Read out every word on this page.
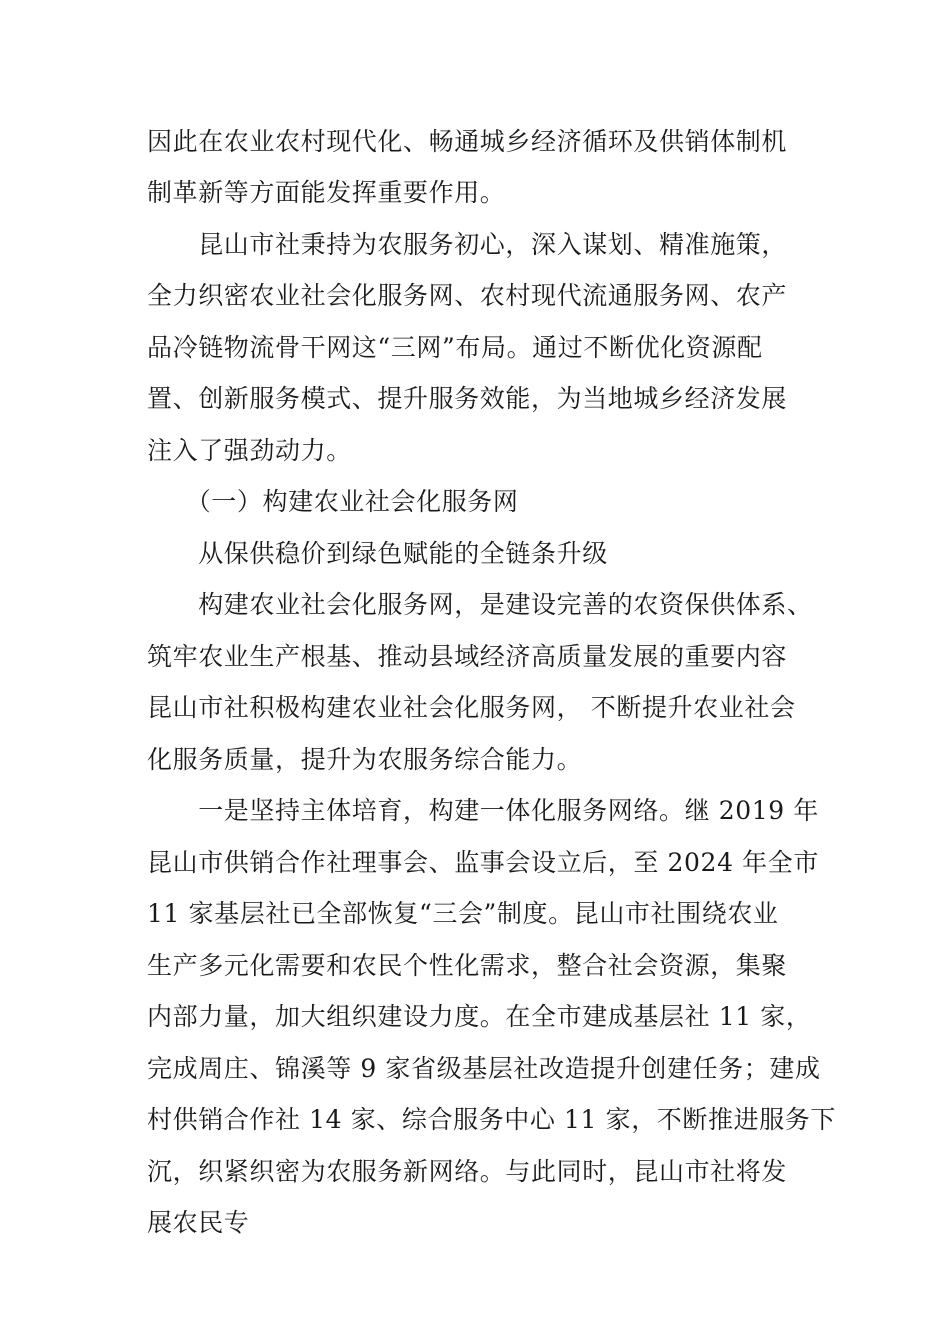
因此在农业农村现代化、畅通城乡经济循环及供销体制机
制革新等方面能发挥重要作用。
　　昆山市社秉持为农服务初心，深入谋划、精准施策，
全力织密农业社会化服务网、农村现代流通服务网、农产
品冷链物流骨干网这“三网”布局。通过不断优化资源配
置、创新服务模式、提升服务效能，为当地城乡经济发展
注入了强劲动力。
　　（一）构建农业社会化服务网
　　从保供稳价到绿色赋能的全链条升级
　　构建农业社会化服务网，是建设完善的农资保供体系、
筑牢农业生产根基、推动县域经济高质量发展的重要内容
昆山市社积极构建农业社会化服务网， 不断提升农业社会
化服务质量，提升为农服务综合能力。
　　一是坚持主体培育，构建一体化服务网络。继 2019 年
昆山市供销合作社理事会、监事会设立后，至 2024 年全市
11 家基层社已全部恢复“三会”制度。昆山市社围绕农业
生产多元化需要和农民个性化需求，整合社会资源，集聚
内部力量，加大组织建设力度。在全市建成基层社 11 家，
完成周庄、锦溪等 9 家省级基层社改造提升创建任务；建成
村供销合作社 14 家、综合服务中心 11 家，不断推进服务下
沉，织紧织密为农服务新网络。与此同时，昆山市社将发
展农民专
